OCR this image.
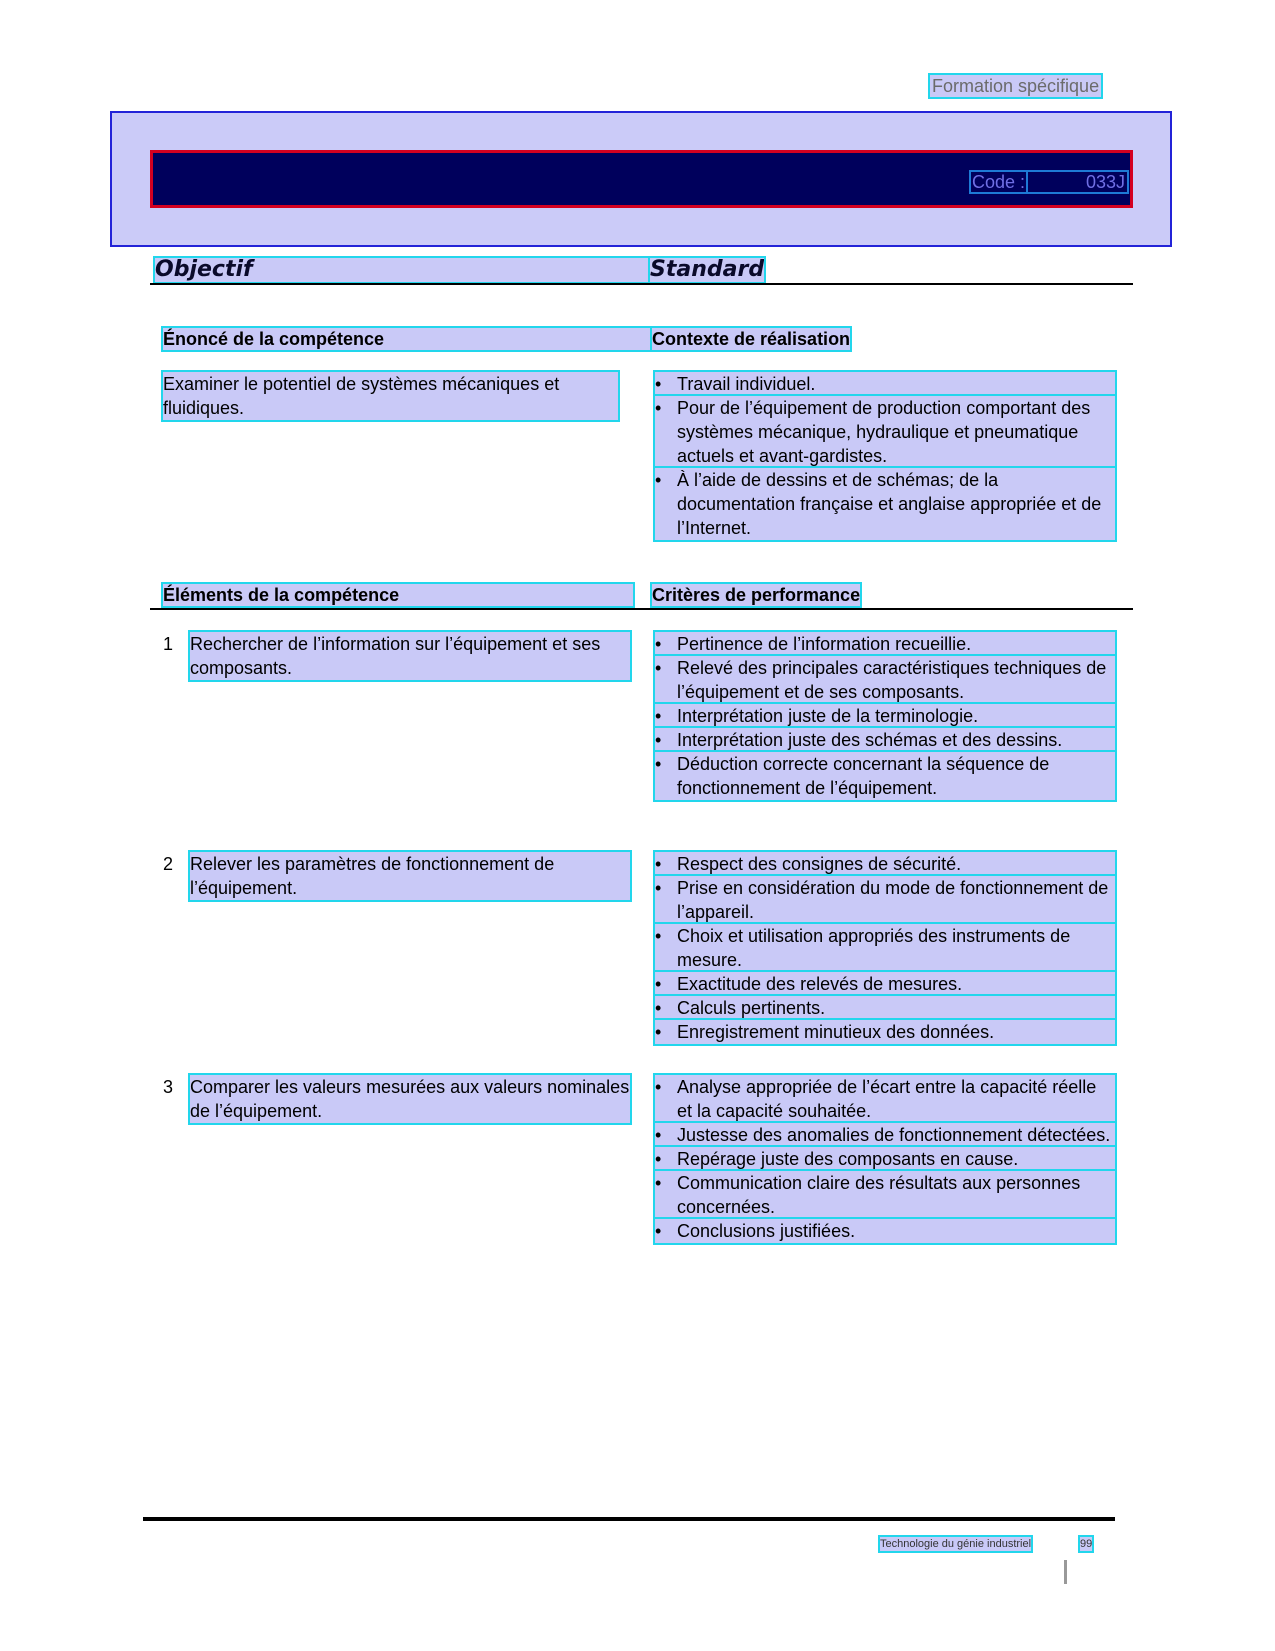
Formation spécifique
Code :	033J
Objectif	Standard
Énoncé de la compétence	Contexte de réalisation
Examiner le potentiel de systèmes mécaniques et fluidiques.
• Travail individuel.
• Pour de l’équipement de production comportant des systèmes mécanique, hydraulique et pneumatique actuels et avant-gardistes.
• À l’aide de dessins et de schémas; de la documentation française et anglaise appropriée et de l’Internet.
Éléments de la compétence	Critères de performance
1 Rechercher de l’information sur l’équipement et ses composants.
• Pertinence de l’information recueillie.
• Relevé des principales caractéristiques techniques de l’équipement et de ses composants.
• Interprétation juste de la terminologie.
• Interprétation juste des schémas et des dessins.
• Déduction correcte concernant la séquence de fonctionnement de l’équipement.
2 Relever les paramètres de fonctionnement de l’équipement.
• Respect des consignes de sécurité.
• Prise en considération du mode de fonctionnement de l’appareil.
• Choix et utilisation appropriés des instruments de mesure.
• Exactitude des relevés de mesures.
• Calculs pertinents.
• Enregistrement minutieux des données.
3 Comparer les valeurs mesurées aux valeurs nominales de l’équipement.
• Analyse appropriée de l’écart entre la capacité réelle et la capacité souhaitée.
• Justesse des anomalies de fonctionnement détectées.
• Repérage juste des composants en cause.
• Communication claire des résultats aux personnes concernées.
• Conclusions justifiées.
Technologie du génie industriel	99
